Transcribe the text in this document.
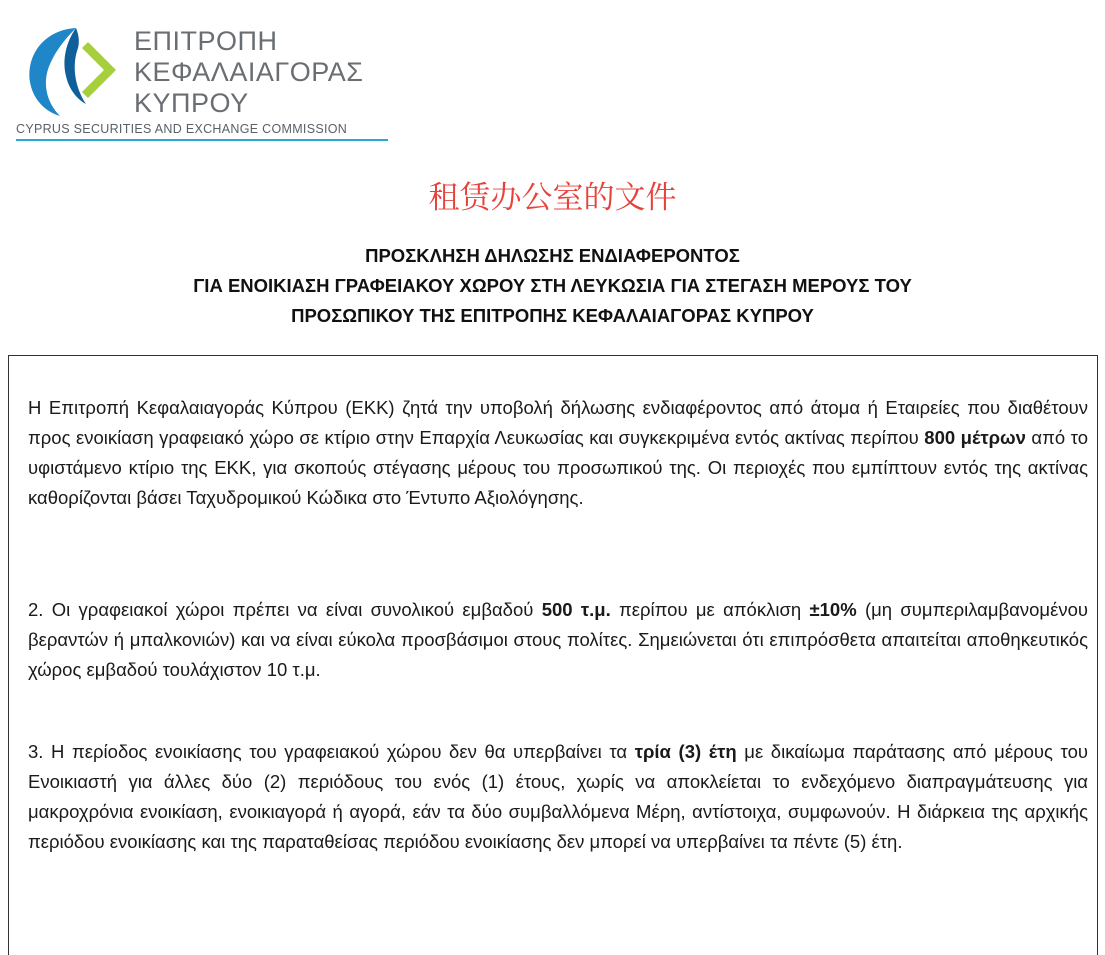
ΕΠΙΤΡΟΠΗ
ΚΕΦΑΛΑΙΑΓΟΡΑΣ
ΚΥΠΡΟΥ
CYPRUS SECURITIES AND EXCHANGE COMMISSION
租赁办公室的文件
ΠΡΟΣΚΛΗΣΗ ΔΗΛΩΣΗΣ ΕΝΔΙΑΦΕΡΟΝΤΟΣ
ΓΙΑ ΕΝΟΙΚΙΑΣΗ ΓΡΑΦΕΙΑΚΟΥ ΧΩΡΟΥ ΣΤΗ ΛΕΥΚΩΣΙΑ ΓΙΑ ΣΤΕΓΑΣΗ ΜΕΡΟΥΣ ΤΟΥ
ΠΡΟΣΩΠΙΚΟΥ ΤΗΣ ΕΠΙΤΡΟΠΗΣ ΚΕΦΑΛΑΙΑΓΟΡΑΣ ΚΥΠΡΟΥ
Η Επιτροπή Κεφαλαιαγοράς Κύπρου (ΕΚΚ) ζητά την υποβολή δήλωσης ενδιαφέροντος από άτομα ή Εταιρείες που διαθέτουν προς ενοικίαση γραφειακό χώρο σε κτίριο στην Επαρχία Λευκωσίας και συγκεκριμένα εντός ακτίνας περίπου 800 μέτρων από το υφιστάμενο κτίριο της ΕΚΚ, για σκοπούς στέγασης μέρους του προσωπικού της. Οι περιοχές που εμπίπτουν εντός της ακτίνας καθορίζονται βάσει Ταχυδρομικού Κώδικα στο Έντυπο Αξιολόγησης.
2. Οι γραφειακοί χώροι πρέπει να είναι συνολικού εμβαδού 500 τ.μ. περίπου με απόκλιση ±10% (μη συμπεριλαμβανομένου βεραντών ή μπαλκονιών) και να είναι εύκολα προσβάσιμοι στους πολίτες. Σημειώνεται ότι επιπρόσθετα απαιτείται αποθηκευτικός χώρος εμβαδού τουλάχιστον 10 τ.μ.
3. Η περίοδος ενοικίασης του γραφειακού χώρου δεν θα υπερβαίνει τα τρία (3) έτη με δικαίωμα παράτασης από μέρους του Ενοικιαστή για άλλες δύο (2) περιόδους του ενός (1) έτους, χωρίς να αποκλείεται το ενδεχόμενο διαπραγμάτευσης για μακροχρόνια ενοικίαση, ενοικιαγορά ή αγορά, εάν τα δύο συμβαλλόμενα Μέρη, αντίστοιχα, συμφωνούν. Η διάρκεια της αρχικής περιόδου ενοικίασης και της παραταθείσας περιόδου ενοικίασης δεν μπορεί να υπερβαίνει τα πέντε (5) έτη.
